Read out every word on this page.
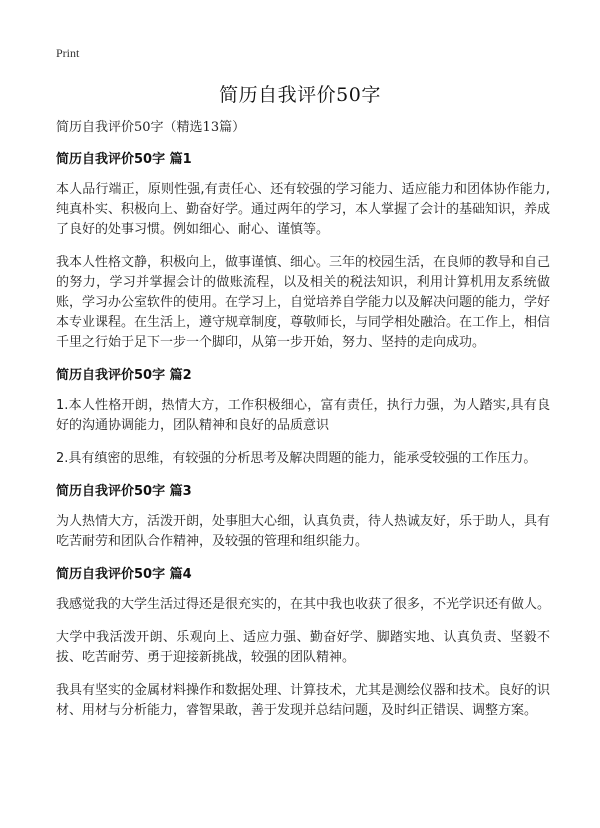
Print
简历自我评价50字

简历自我评价50字（精选13篇）

简历自我评价50字 篇1

本人品行端正，原则性强,有责任心、还有较强的学习能力、适应能力和团体协作能力,纯真朴实、积极向上、勤奋好学。通过两年的学习，本人掌握了会计的基础知识，养成了良好的处事习惯。例如细心、耐心、谨慎等。

我本人性格文静，积极向上，做事谨慎、细心。三年的校园生活，在良师的教导和自己的努力，学习并掌握会计的做账流程，以及相关的税法知识，利用计算机用友系统做账，学习办公室软件的使用。在学习上，自觉培养自学能力以及解决问题的能力，学好本专业课程。在生活上，遵守规章制度，尊敬师长，与同学相处融洽。在工作上，相信千里之行始于足下一步一个脚印，从第一步开始，努力、坚持的走向成功。

简历自我评价50字 篇2

1.本人性格开朗，热情大方，工作积极细心，富有责任，执行力强，为人踏实,具有良好的沟通协调能力，团队精神和良好的品质意识

2.具有缜密的思维，有较强的分析思考及解决問題的能力，能承受较强的工作压力。

简历自我评价50字 篇3

为人热情大方，活泼开朗，处事胆大心细，认真负责，待人热诚友好，乐于助人，具有吃苦耐劳和团队合作精神，及较强的管理和组织能力。

简历自我评价50字 篇4

我感觉我的大学生活过得还是很充实的，在其中我也收获了很多，不光学识还有做人。

大学中我活泼开朗、乐观向上、适应力强、勤奋好学、脚踏实地、认真负责、坚毅不拔、吃苦耐劳、勇于迎接新挑战，较强的团队精神。

我具有坚实的金属材料操作和数据处理、计算技术，尤其是测绘仪器和技术。良好的识材、用材与分析能力，睿智果敢，善于发现并总结问题，及时纠正错误、调整方案。
